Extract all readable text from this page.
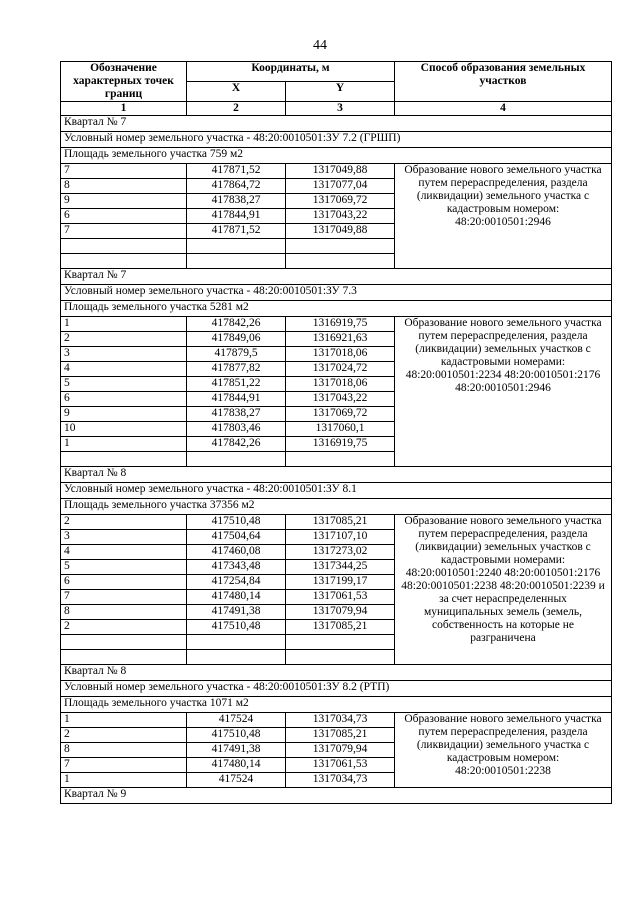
44
Обозначение характерных точек границ	Координаты, м		Способ образования земельных участков
	X	Y	
1	2	3	4
Квартал № 7			
Условный номер земельного участка - 48:20:0010501:ЗУ 7.2 (ГРШП)			
Площадь земельного участка 759 м2			
7	417871,52	1317049,88	Образование нового земельного участка путем перераспределения, раздела (ликвидации) земельного участка с кадастровым номером: 48:20:0010501:2946
8	417864,72	1317077,04	
9	417838,27	1317069,72	
6	417844,91	1317043,22	
7	417871,52	1317049,88	

Квартал № 7			
Условный номер земельного участка - 48:20:0010501:ЗУ 7.3			
Площадь земельного участка 5281 м2			
1	417842,26	1316919,75	Образование нового земельного участка путем перераспределения, раздела (ликвидации) земельных участков с кадастровыми номерами: 48:20:0010501:2234 48:20:0010501:2176 48:20:0010501:2946
2	417849,06	1316921,63	
3	417879,5	1317018,06	
4	417877,82	1317024,72	
5	417851,22	1317018,06	
6	417844,91	1317043,22	
9	417838,27	1317069,72	
10	417803,46	1317060,1	
1	417842,26	1316919,75	

Квартал № 8			
Условный номер земельного участка - 48:20:0010501:ЗУ 8.1			
Площадь земельного участка 37356 м2			
2	417510,48	1317085,21	Образование нового земельного участка путем перераспределения, раздела (ликвидации) земельных участков с кадастровыми номерами: 48:20:0010501:2240 48:20:0010501:2176 48:20:0010501:2238 48:20:0010501:2239 и за счет нераспределенных муниципальных земель (земель, собственность на которые не разграничена
3	417504,64	1317107,10	
4	417460,08	1317273,02	
5	417343,48	1317344,25	
6	417254,84	1317199,17	
7	417480,14	1317061,53	
8	417491,38	1317079,94	
2	417510,48	1317085,21	

Квартал № 8			
Условный номер земельного участка - 48:20:0010501:ЗУ 8.2 (РТП)			
Площадь земельного участка 1071 м2			
1	417524	1317034,73	Образование нового земельного участка путем перераспределения, раздела (ликвидации) земельного участка с кадастровым номером: 48:20:0010501:2238
2	417510,48	1317085,21	
8	417491,38	1317079,94	
7	417480,14	1317061,53	
1	417524	1317034,73	
Квартал № 9			
